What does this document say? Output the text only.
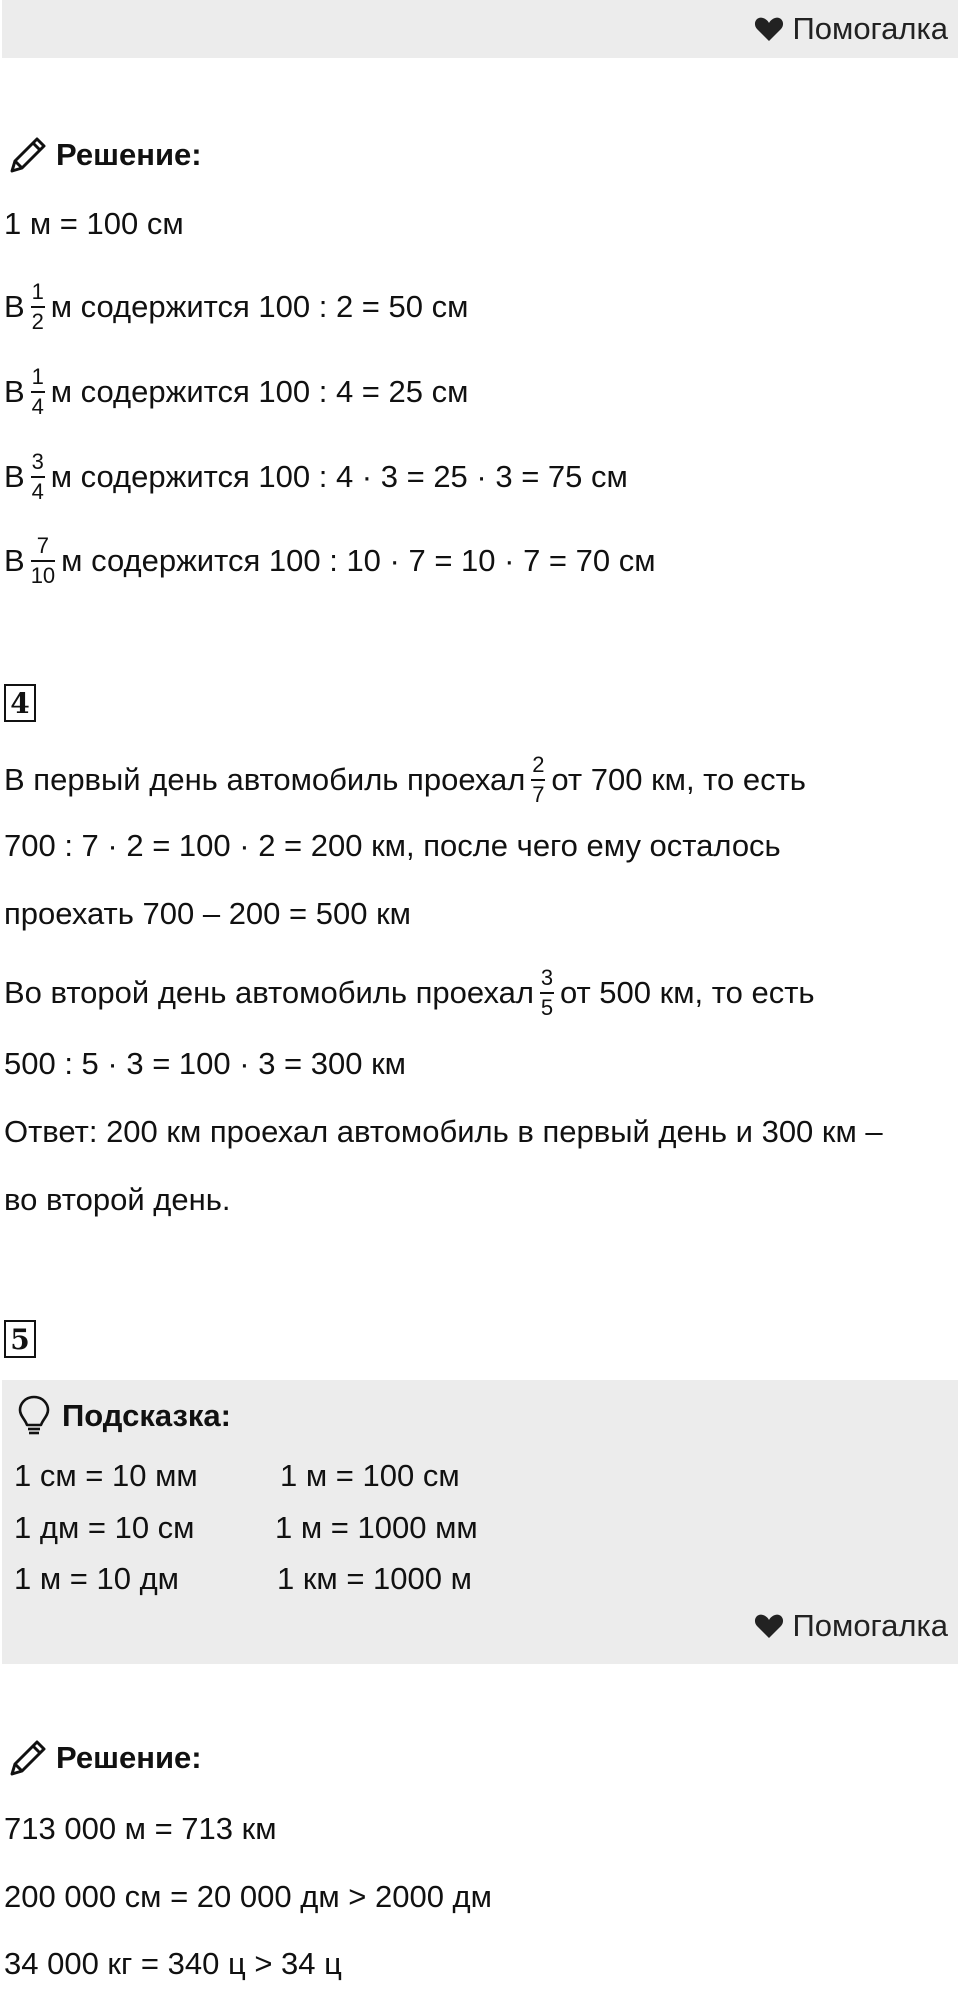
Помогалка
Решение:
1 м = 100 см
В $\frac{1}{2}$ м содержится 100 : 2 = 50 см
В $\frac{1}{4}$ м содержится 100 : 4 = 25 см
В $\frac{3}{4}$ м содержится 100 : 4 · 3 = 25 · 3 = 75 см
В $\frac{7}{10}$ м содержится 100 : 10 · 7 = 10 · 7 = 70 см
4
В первый день автомобиль проехал $\frac{2}{7}$ от 700 км, то есть
700 : 7 · 2 = 100 · 2 = 200 км, после чего ему осталось
проехать 700 – 200 = 500 км
Во второй день автомобиль проехал $\frac{3}{5}$ от 500 км, то есть
500 : 5 · 3 = 100 · 3 = 300 км
Ответ: 200 км проехал автомобиль в первый день и 300 км –
во второй день.
5
Подсказка:
1 см = 10 мм	1 м = 100 см
1 дм = 10 см	1 м = 1000 мм
1 м = 10 дм	1 км = 1000 м
Помогалка
Решение:
713 000 м = 713 км
200 000 см = 20 000 дм > 2000 дм
34 000 кг = 340 ц > 34 ц
